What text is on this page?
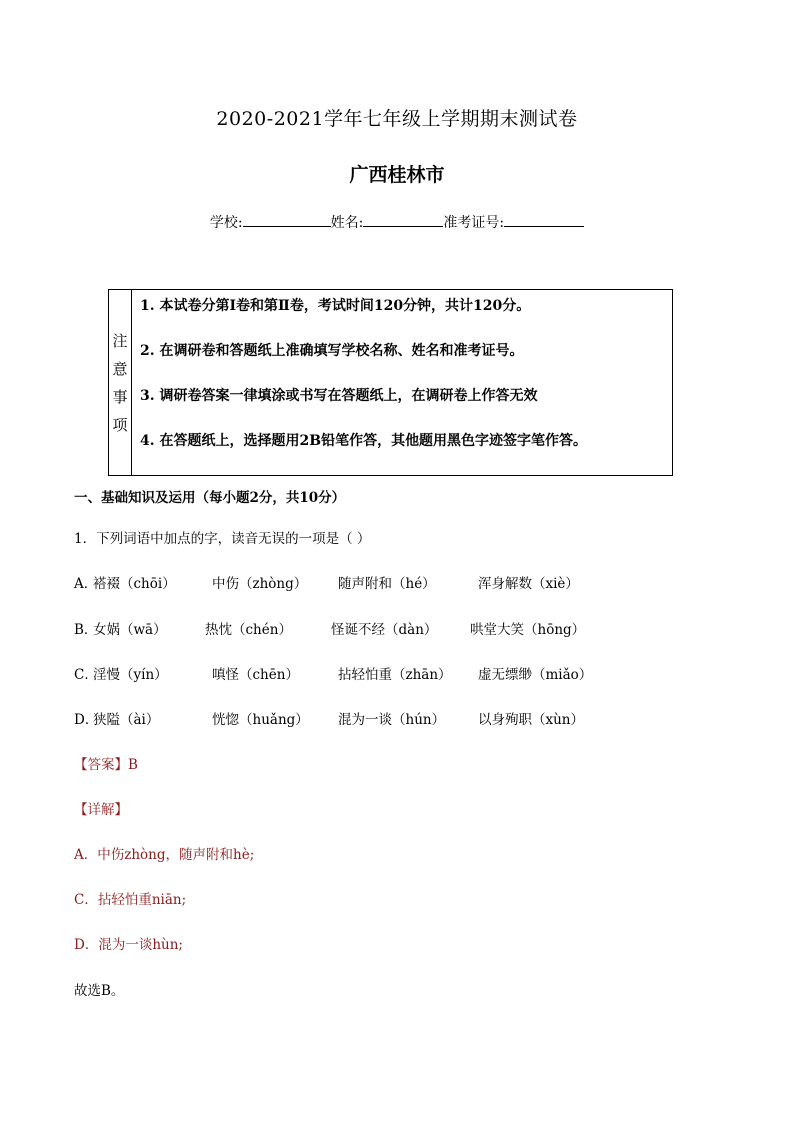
2020-2021学年七年级上学期期末测试卷
广西桂林市
学校:	姓名:	准考证号:
注
意
事
项
1. 本试卷分第Ⅰ卷和第Ⅱ卷，考试时间120分钟，共计120分。
2. 在调研卷和答题纸上准确填写学校名称、姓名和准考证号。
3. 调研卷答案一律填涂或书写在答题纸上，在调研卷上作答无效
4. 在答题纸上，选择题用2B铅笔作答，其他题用黑色字迹签字笔作答。
一、基础知识及运用（每小题2分，共10分）
1．下列词语中加点的字，读音无误的一项是（ ）
A．
褡裰（chōi）	中伤（zhòng） 随声附和（hé）	浑身解数（xiè）
B．
女娲（wā）	热忱（chén）	怪诞不经（dàn） 哄堂大笑（hōng）
C．
淫慢（yín）	嗔怪（chēn）	拈轻怕重（zhān） 虚无缥缈（miǎo）
D．
狭隘（ài）	恍惚（huǎng） 混为一谈（hún） 以身殉职（xùn）
【答案】B
【详解】
A．中伤zhòng，随声附和hè;
C．拈轻怕重niān;
D．混为一谈hùn;
故选B。
